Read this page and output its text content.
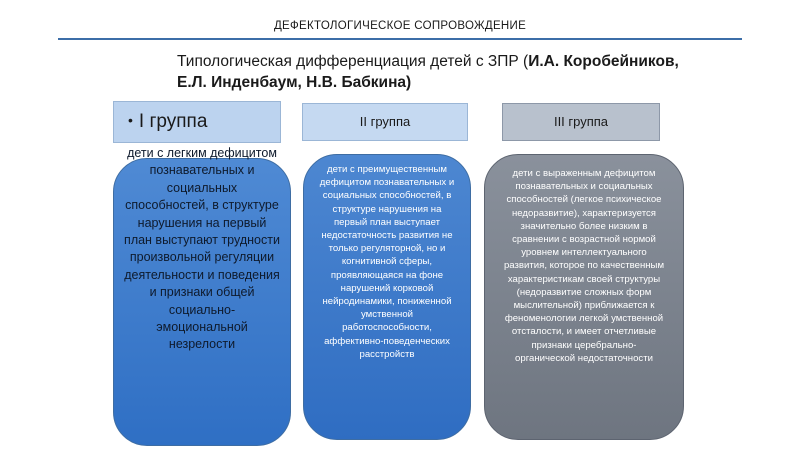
ДЕФЕКТОЛОГИЧЕСКОЕ СОПРОВОЖДЕНИЕ
Типологическая дифференциация детей с ЗПР (И.А. Коробейников, Е.Л. Инденбаум, Н.В. Бабкина)
• I группа	II группа	III группа
дети с легким дефицитом познавательных и социальных способностей, в структуре нарушения на первый план выступают трудности произвольной регуляции деятельности и поведения и признаки общей социально-эмоциональной незрелости
дети с преимущественным дефицитом познавательных и социальных способностей, в структуре нарушения на первый план выступает недостаточность развития не только регуляторной, но и когнитивной сферы, проявляющаяся на фоне нарушений корковой нейродинамики, пониженной умственной работоспособности, аффективно-поведенческих расстройств
дети с выраженным дефицитом познавательных и социальных способностей (легкое психическое недоразвитие), характеризуется значительно более низким в сравнении с возрастной нормой уровнем интеллектуального развития, которое по качественным характеристикам своей структуры (недоразвитие сложных форм мыслительной) приближается к феноменологии легкой умственной отсталости, и имеет отчетливые признаки церебрально-органической недостаточности
